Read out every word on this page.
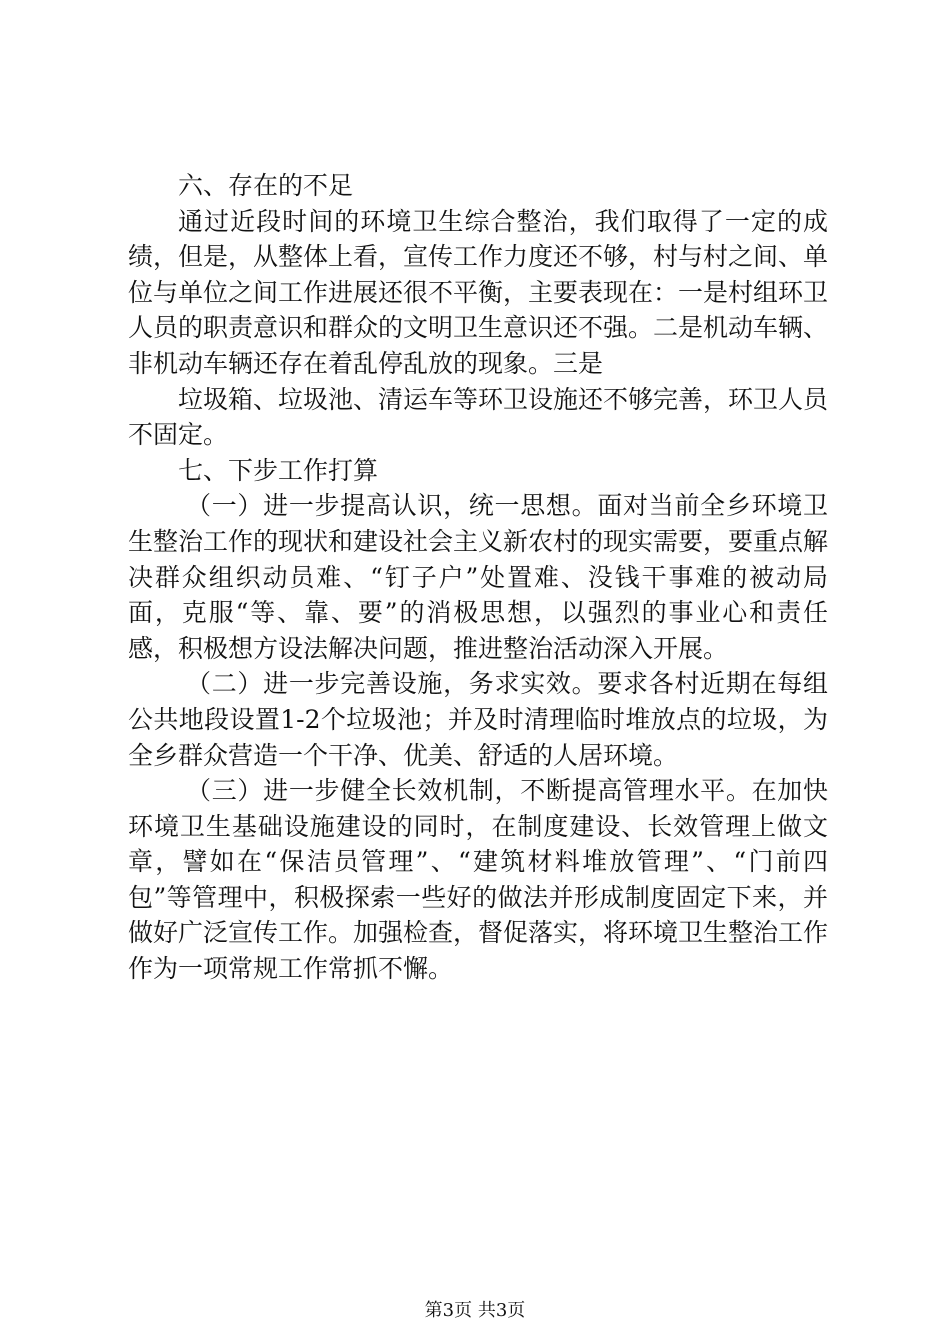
六、存在的不足

通过近段时间的环境卫生综合整治，我们取得了一定的成绩，但是，从整体上看，宣传工作力度还不够，村与村之间、单位与单位之间工作进展还很不平衡，主要表现在：一是村组环卫人员的职责意识和群众的文明卫生意识还不强。二是机动车辆、非机动车辆还存在着乱停乱放的现象。三是

垃圾箱、垃圾池、清运车等环卫设施还不够完善，环卫人员不固定。

七、下步工作打算

（一）进一步提高认识，统一思想。面对当前全乡环境卫生整治工作的现状和建设社会主义新农村的现实需要，要重点解决群众组织动员难、“钉子户”处置难、没钱干事难的被动局面，克服“等、靠、要”的消极思想，以强烈的事业心和责任感，积极想方设法解决问题，推进整治活动深入开展。

（二）进一步完善设施，务求实效。要求各村近期在每组公共地段设置1-2个垃圾池；并及时清理临时堆放点的垃圾，为全乡群众营造一个干净、优美、舒适的人居环境。

（三）进一步健全长效机制，不断提高管理水平。在加快环境卫生基础设施建设的同时，在制度建设、长效管理上做文章，譬如在“保洁员管理”、“建筑材料堆放管理”、“门前四包”等管理中，积极探索一些好的做法并形成制度固定下来，并做好广泛宣传工作。加强检查，督促落实，将环境卫生整治工作作为一项常规工作常抓不懈。

第3页 共3页
